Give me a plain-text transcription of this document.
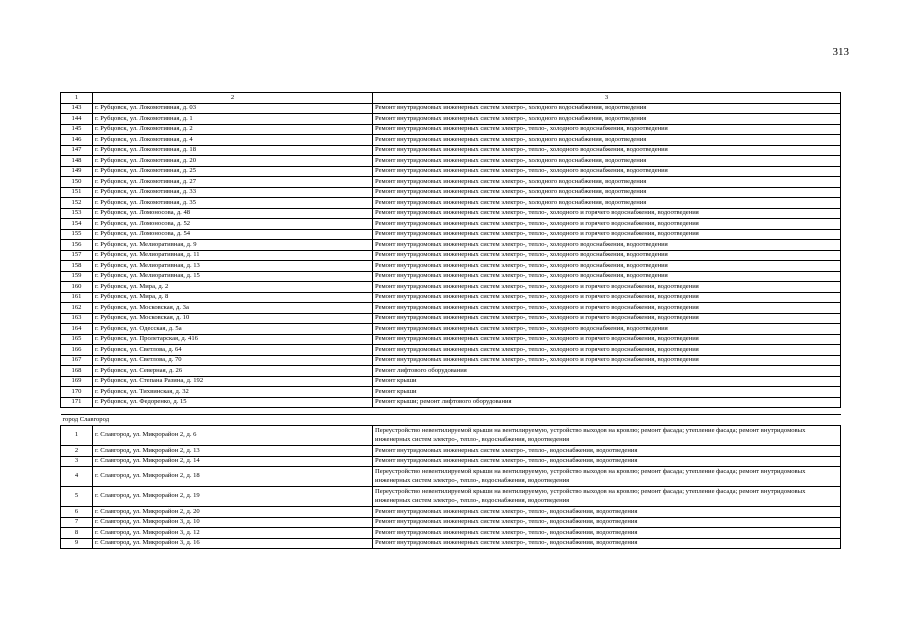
313
1	2	3
143	г. Рубцовск, ул. Локомотивная, д. 03	Ремонт внутридомовых инженерных систем электро-, холодного водоснабжения, водоотведения
144	г. Рубцовск, ул. Локомотивная, д. 1	Ремонт внутридомовых инженерных систем электро-, холодного водоснабжения, водоотведения
145	г. Рубцовск, ул. Локомотивная, д. 2	Ремонт внутридомовых инженерных систем электро-, тепло-, холодного водоснабжения, водоотведения
146	г. Рубцовск, ул. Локомотивная, д. 4	Ремонт внутридомовых инженерных систем электро-, холодного водоснабжения, водоотведения
147	г. Рубцовск, ул. Локомотивная, д. 18	Ремонт внутридомовых инженерных систем электро-, тепло-, холодного водоснабжения, водоотведения
148	г. Рубцовск, ул. Локомотивная, д. 20	Ремонт внутридомовых инженерных систем электро-, холодного водоснабжения, водоотведения
149	г. Рубцовск, ул. Локомотивная, д. 25	Ремонт внутридомовых инженерных систем электро-, тепло-, холодного водоснабжения, водоотведения
150	г. Рубцовск, ул. Локомотивная, д. 27	Ремонт внутридомовых инженерных систем электро-, холодного водоснабжения, водоотведения
151	г. Рубцовск, ул. Локомотивная, д. 33	Ремонт внутридомовых инженерных систем электро-, холодного водоснабжения, водоотведения
152	г. Рубцовск, ул. Локомотивная, д. 35	Ремонт внутридомовых инженерных систем электро-, холодного водоснабжения, водоотведения
153	г. Рубцовск, ул. Ломоносова, д. 48	Ремонт внутридомовых инженерных систем электро-, тепло-, холодного и горячего водоснабжения, водоотведения
154	г. Рубцовск, ул. Ломоносова, д. 52	Ремонт внутридомовых инженерных систем электро-, тепло-, холодного и горячего водоснабжения, водоотведения
155	г. Рубцовск, ул. Ломоносова, д. 54	Ремонт внутридомовых инженерных систем электро-, тепло-, холодного и горячего водоснабжения, водоотведения
156	г. Рубцовск, ул. Мелиоративная, д. 9	Ремонт внутридомовых инженерных систем электро-, тепло-, холодного водоснабжения, водоотведения
157	г. Рубцовск, ул. Мелиоративная, д. 11	Ремонт внутридомовых инженерных систем электро-, тепло-, холодного водоснабжения, водоотведения
158	г. Рубцовск, ул. Мелиоративная, д. 13	Ремонт внутридомовых инженерных систем электро-, тепло-, холодного водоснабжения, водоотведения
159	г. Рубцовск, ул. Мелиоративная, д. 15	Ремонт внутридомовых инженерных систем электро-, тепло-, холодного водоснабжения, водоотведения
160	г. Рубцовск, ул. Мира, д. 2	Ремонт внутридомовых инженерных систем электро-, тепло-, холодного и горячего водоснабжения, водоотведения
161	г. Рубцовск, ул. Мира, д. 8	Ремонт внутридомовых инженерных систем электро-, тепло-, холодного и горячего водоснабжения, водоотведения
162	г. Рубцовск, ул. Московская, д. 3а	Ремонт внутридомовых инженерных систем электро-, тепло-, холодного и горячего водоснабжения, водоотведения
163	г. Рубцовск, ул. Московская, д. 10	Ремонт внутридомовых инженерных систем электро-, тепло-, холодного и горячего водоснабжения, водоотведения
164	г. Рубцовск, ул. Одесская, д. 5а	Ремонт внутридомовых инженерных систем электро-, тепло-, холодного водоснабжения, водоотведения
165	г. Рубцовск, ул. Пролетарская, д. 416	Ремонт внутридомовых инженерных систем электро-, тепло-, холодного и горячего водоснабжения, водоотведения
166	г. Рубцовск, ул. Светлова, д. 64	Ремонт внутридомовых инженерных систем электро-, тепло-, холодного и горячего водоснабжения, водоотведения
167	г. Рубцовск, ул. Светлова, д. 70	Ремонт внутридомовых инженерных систем электро-, тепло-, холодного и горячего водоснабжения, водоотведения
168	г. Рубцовск, ул. Северная, д. 26	Ремонт лифтового оборудования
169	г. Рубцовск, ул. Степана Разина, д. 192	Ремонт крыши
170	г. Рубцовск, ул. Тихвинская, д. 32	Ремонт крыши
171	г. Рубцовск, ул. Федоренко, д. 15	Ремонт крыши; ремонт лифтового оборудования

город Славгород		
1	г. Славгород, ул. Микрорайон 2, д. 6	Переустройство невентилируемой крыши на вентилируемую, устройство выходов на кровлю; ремонт фасада; утепление фасада; ремонт внутридомовых инженерных систем электро-, тепло-, водоснабжения, водоотведения
2	г. Славгород, ул. Микрорайон 2, д. 13	Ремонт внутридомовых инженерных систем электро-, тепло-, водоснабжения, водоотведения
3	г. Славгород, ул. Микрорайон 2, д. 14	Ремонт внутридомовых инженерных систем электро-, тепло-, водоснабжения, водоотведения
4	г. Славгород, ул. Микрорайон 2, д. 18	Переустройство невентилируемой крыши на вентилируемую, устройство выходов на кровлю; ремонт фасада; утепление фасада; ремонт внутридомовых инженерных систем электро-, тепло-, водоснабжения, водоотведения
5	г. Славгород, ул. Микрорайон 2, д. 19	Переустройство невентилируемой крыши на вентилируемую, устройство выходов на кровлю; ремонт фасада; утепление фасада; ремонт внутридомовых инженерных систем электро-, тепло-, водоснабжения, водоотведения
6	г. Славгород, ул. Микрорайон 2, д. 20	Ремонт внутридомовых инженерных систем электро-, тепло-, водоснабжения, водоотведения
7	г. Славгород, ул. Микрорайон 3, д. 10	Ремонт внутридомовых инженерных систем электро-, тепло-, водоснабжения, водоотведения
8	г. Славгород, ул. Микрорайон 3, д. 12	Ремонт внутридомовых инженерных систем электро-, тепло-, водоснабжения, водоотведения
9	г. Славгород, ул. Микрорайон 3, д. 16	Ремонт внутридомовых инженерных систем электро-, тепло-, водоснабжения, водоотведения
